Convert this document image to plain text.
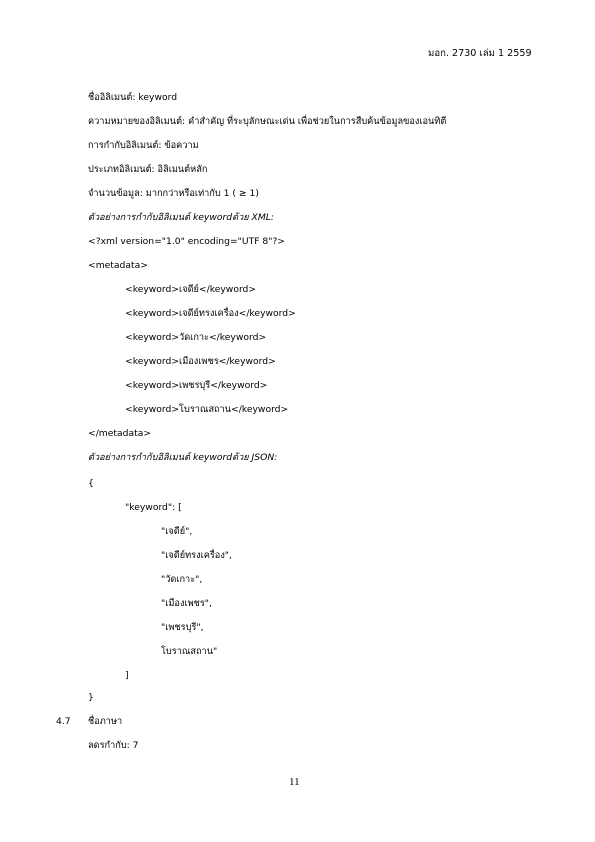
มอก. 2730 เล่ม 1 2559
ชื่ออิลิเมนต์: keyword
ความหมายของอิลิเมนต์: คำสำคัญ ที่ระบุลักษณะเด่น เพื่อช่วยในการสืบค้นข้อมูลของเอนทิตี
การกำกับอิลิเมนต์: ข้อความ
ประเภทอิลิเมนต์: อิลิเมนต์หลัก
จำนวนข้อมูล: มากกว่าหรือเท่ากับ 1 ( ≥ 1)
ตัวอย่างการกำกับอิลิเมนต์ keywordด้วย XML:
<?xml version="1.0" encoding="UTF 8"?>
<metadata>
<keyword>เจดีย์</keyword>
<keyword>เจดีย์ทรงเครื่อง</keyword>
<keyword>วัดเกาะ</keyword>
<keyword>เมืองเพชร</keyword>
<keyword>เพชรบุรี</keyword>
<keyword>โบราณสถาน</keyword>
</metadata>
ตัวอย่างการกำกับอิลิเมนต์ keywordด้วย JSON:
{
"keyword": [
"เจดีย์",
"เจดีย์ทรงเครื่อง",
"วัดเกาะ",
"เมืองเพชร",
"เพชรบุรี",
โบราณสถาน"
]
}
4.7 ชื่อภาษา
ลดรกำกับ: 7
11
